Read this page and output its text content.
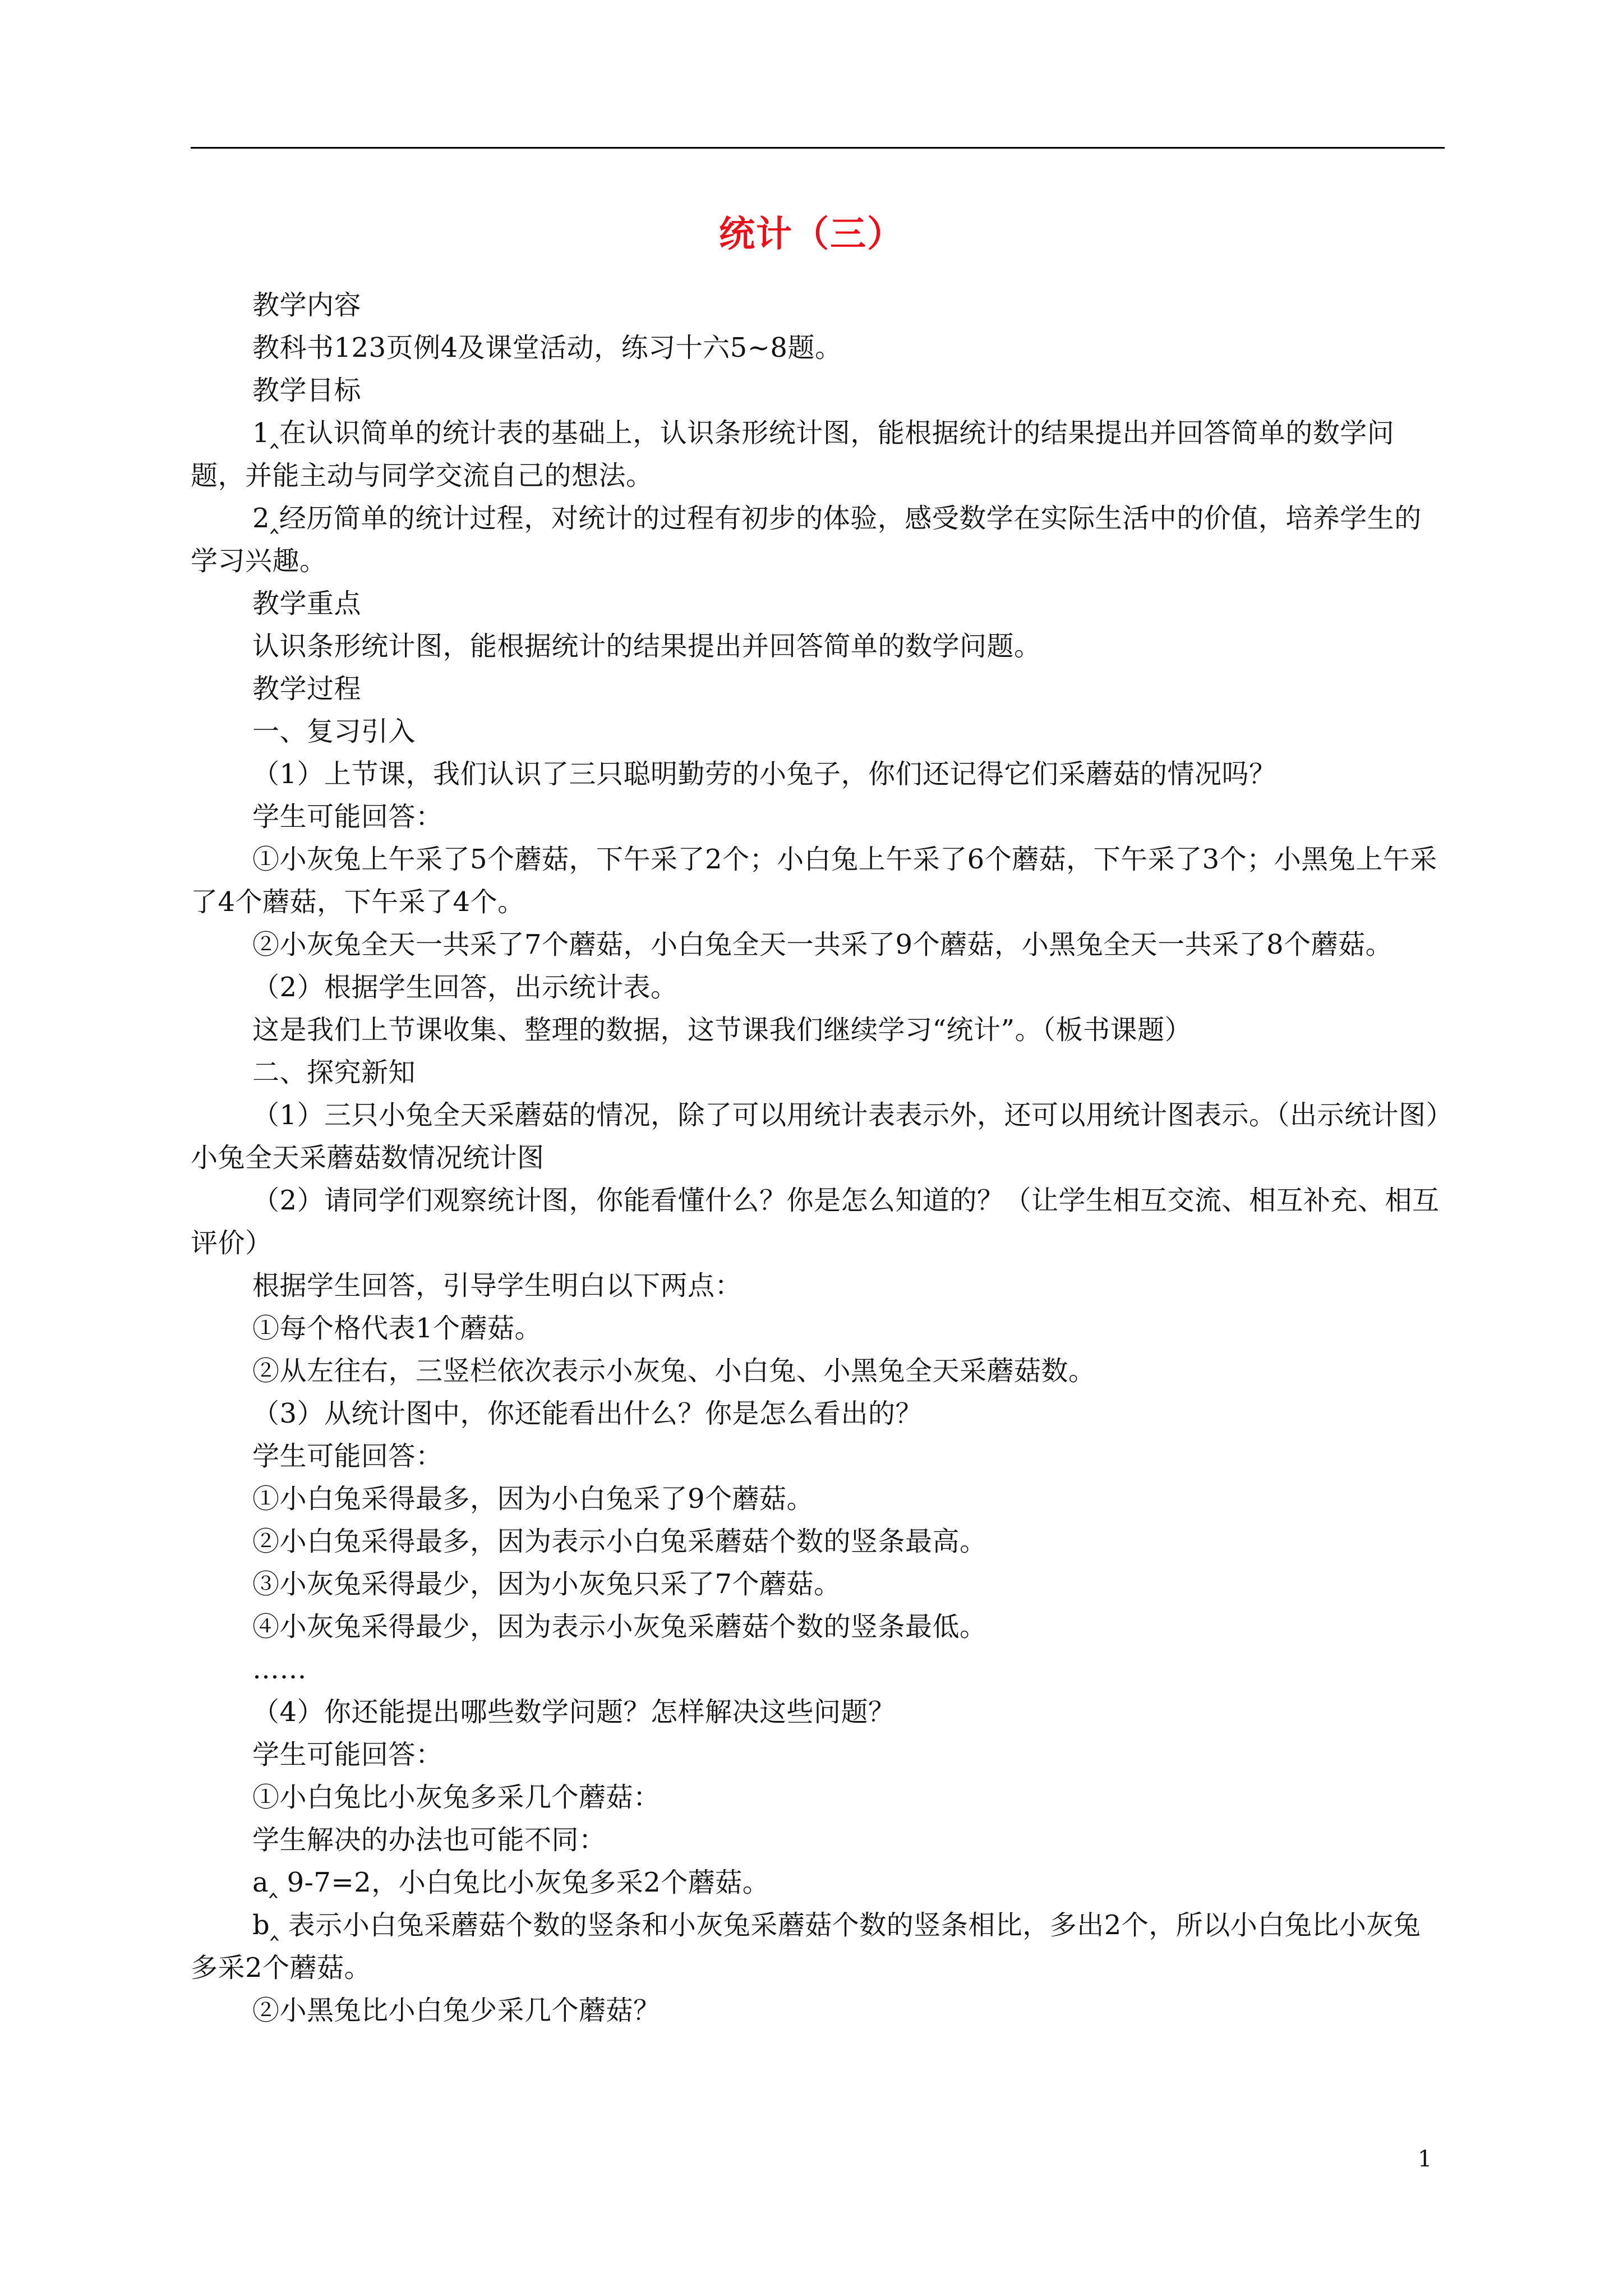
统计（三）

教学内容

教科书123页例4及课堂活动，练习十六5~8题。

教学目标

1‸在认识简单的统计表的基础上，认识条形统计图，能根据统计的结果提出并回答简单的数学问题，并能主动与同学交流自己的想法。

2‸经历简单的统计过程，对统计的过程有初步的体验，感受数学在实际生活中的价值，培养学生的学习兴趣。

教学重点

认识条形统计图，能根据统计的结果提出并回答简单的数学问题。

教学过程

一、复习引入

（1）上节课，我们认识了三只聪明勤劳的小兔子，你们还记得它们采蘑菇的情况吗？

学生可能回答：

①小灰兔上午采了5个蘑菇，下午采了2个；小白兔上午采了6个蘑菇，下午采了3个；小黑兔上午采了4个蘑菇，下午采了4个。

②小灰兔全天一共采了7个蘑菇，小白兔全天一共采了9个蘑菇，小黑兔全天一共采了8个蘑菇。

（2）根据学生回答，出示统计表。

这是我们上节课收集、整理的数据，这节课我们继续学习“统计”。（板书课题）

二、探究新知

（1）三只小兔全天采蘑菇的情况，除了可以用统计表表示外，还可以用统计图表示。（出示统计图）小兔全天采蘑菇数情况统计图

（2）请同学们观察统计图，你能看懂什么？你是怎么知道的？（让学生相互交流、相互补充、相互评价）

根据学生回答，引导学生明白以下两点：

①每个格代表1个蘑菇。

②从左往右，三竖栏依次表示小灰兔、小白兔、小黑兔全天采蘑菇数。

（3）从统计图中，你还能看出什么？你是怎么看出的？

学生可能回答：

①小白兔采得最多，因为小白兔采了9个蘑菇。

②小白兔采得最多，因为表示小白兔采蘑菇个数的竖条最高。

③小灰兔采得最少，因为小灰兔只采了7个蘑菇。

④小灰兔采得最少，因为表示小灰兔采蘑菇个数的竖条最低。

……

（4）你还能提出哪些数学问题？怎样解决这些问题？

学生可能回答：

①小白兔比小灰兔多采几个蘑菇：

学生解决的办法也可能不同：

a‸ 9-7=2，小白兔比小灰兔多采2个蘑菇。

b‸ 表示小白兔采蘑菇个数的竖条和小灰兔采蘑菇个数的竖条相比，多出2个，所以小白兔比小灰兔多采2个蘑菇。

②小黑兔比小白兔少采几个蘑菇？

1
